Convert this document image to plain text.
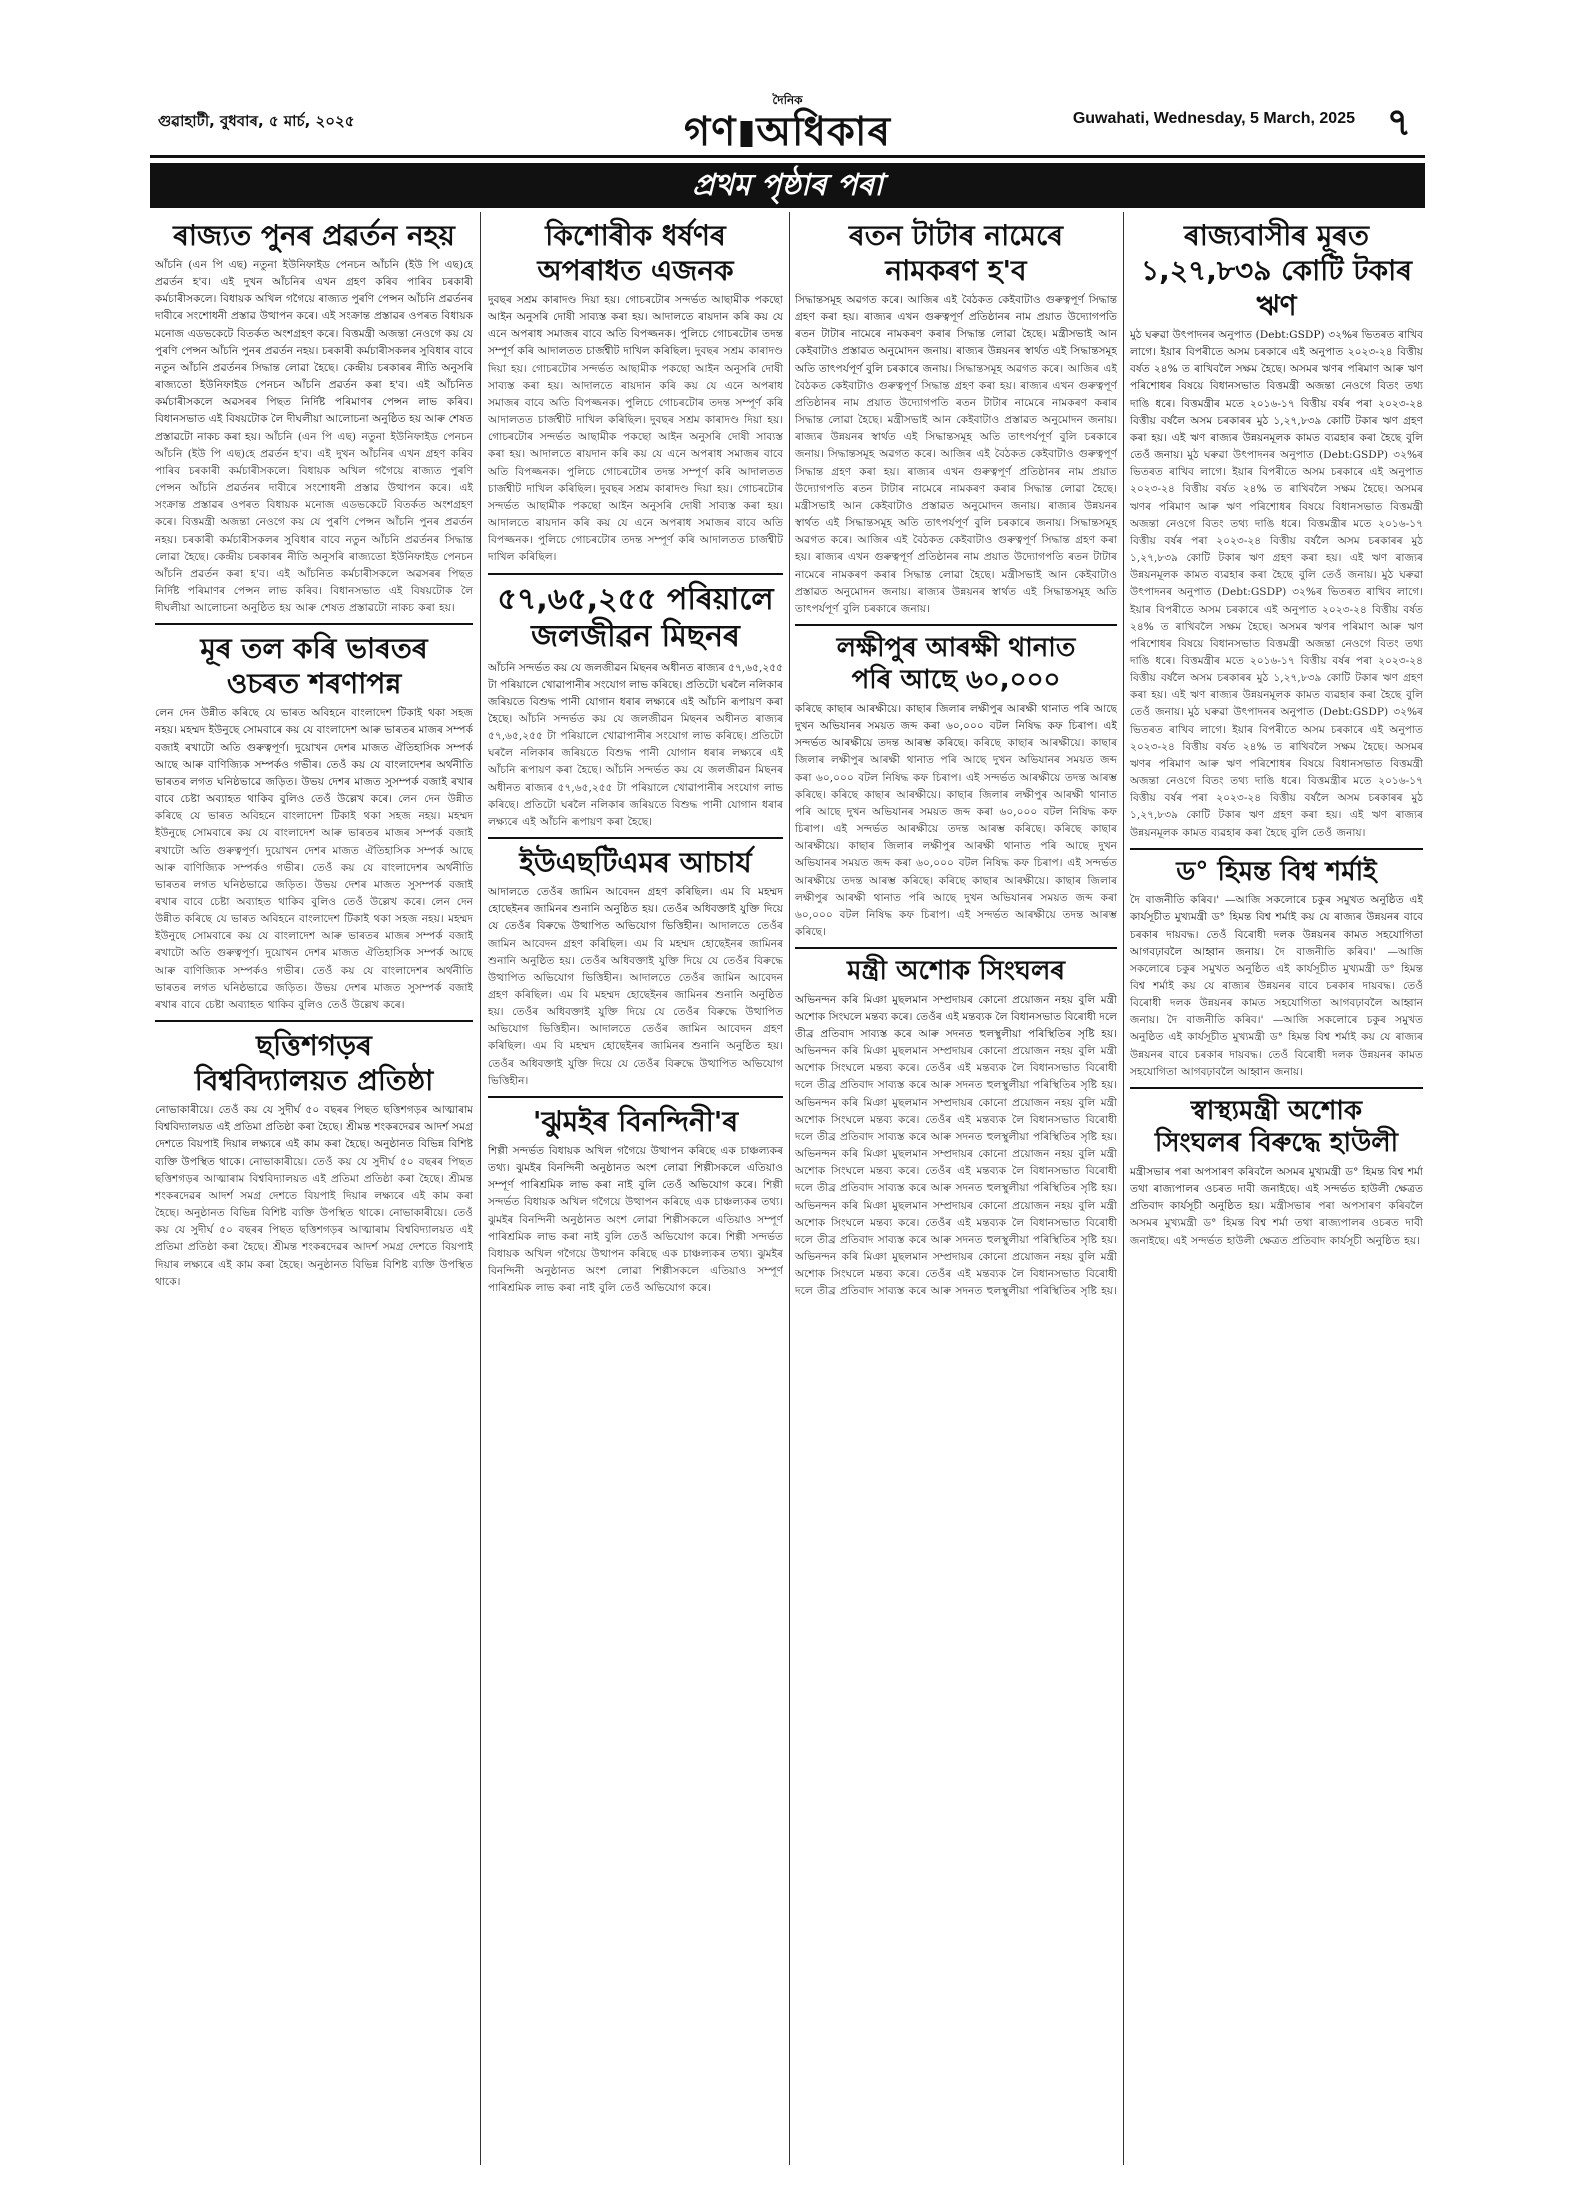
গুৱাহাটী, বুধবাৰ, ৫ মাৰ্চ, ২০২৫
দৈনিক
গণ অধিকাৰ	Guwahati, Wednesday, 5 March, 2025 ৭
প্ৰথম পৃষ্ঠাৰ পৰা
ৰাজ্যত পুনৰ প্ৰৱৰ্তন নহয়
আঁচনি (এন পি এছ) নতুনা ইউনিফাইড পেনচন আঁচনি (ইউ পি এছ)হে প্ৰৱৰ্তন হ'ব। এই দুখন আঁচনিৰ এখন গ্ৰহণ কৰিব পাৰিব চৰকাৰী কৰ্মচাৰীসকলে। বিধায়ক অখিল গগৈয়ে ৰাজ্যত পুৰণি পেন্সন আঁচনি প্ৰৱৰ্তনৰ দাবীৰে সংশোধনী প্ৰস্তাৱ উত্থাপন কৰে। এই সংক্ৰান্ত প্ৰস্তাৱৰ ওপৰত বিধায়ক মনোজ এডভকেটে বিতৰ্কত অংশগ্ৰহণ কৰে। বিত্তমন্ত্ৰী অজন্তা নেওগে কয় যে পুৰণি পেন্সন আঁচনি পুনৰ প্ৰৱৰ্তন নহয়। চৰকাৰী কৰ্মচাৰীসকলৰ সুবিধাৰ বাবে নতুন আঁচনি প্ৰৱৰ্তনৰ সিদ্ধান্ত লোৱা হৈছে। কেন্দ্ৰীয় চৰকাৰৰ নীতি অনুসৰি ৰাজ্যতো ইউনিফাইড পেনচন আঁচনি প্ৰৱৰ্তন কৰা হ'ব। এই আঁচনিত কৰ্মচাৰীসকলে অৱসৰৰ পিছত নিৰ্দিষ্ট পৰিমাণৰ পেন্সন লাভ কৰিব। বিধানসভাত এই বিষয়টোক লৈ দীঘলীয়া আলোচনা অনুষ্ঠিত হয় আৰু শেষত প্ৰস্তাৱটো নাকচ কৰা হয়। আঁচনি (এন পি এছ) নতুনা ইউনিফাইড পেনচন আঁচনি (ইউ পি এছ)হে প্ৰৱৰ্তন হ'ব। এই দুখন আঁচনিৰ এখন গ্ৰহণ কৰিব পাৰিব চৰকাৰী কৰ্মচাৰীসকলে। বিধায়ক অখিল গগৈয়ে ৰাজ্যত পুৰণি পেন্সন আঁচনি প্ৰৱৰ্তনৰ দাবীৰে সংশোধনী প্ৰস্তাৱ উত্থাপন কৰে। এই সংক্ৰান্ত প্ৰস্তাৱৰ ওপৰত বিধায়ক মনোজ এডভকেটে বিতৰ্কত অংশগ্ৰহণ কৰে। বিত্তমন্ত্ৰী অজন্তা নেওগে কয় যে পুৰণি পেন্সন আঁচনি পুনৰ প্ৰৱৰ্তন নহয়। চৰকাৰী কৰ্মচাৰীসকলৰ সুবিধাৰ বাবে নতুন আঁচনি প্ৰৱৰ্তনৰ সিদ্ধান্ত লোৱা হৈছে। কেন্দ্ৰীয় চৰকাৰৰ নীতি অনুসৰি ৰাজ্যতো ইউনিফাইড পেনচন আঁচনি প্ৰৱৰ্তন কৰা হ'ব। এই আঁচনিত কৰ্মচাৰীসকলে অৱসৰৰ পিছত নিৰ্দিষ্ট পৰিমাণৰ পেন্সন লাভ কৰিব। বিধানসভাত এই বিষয়টোক লৈ দীঘলীয়া আলোচনা অনুষ্ঠিত হয় আৰু শেষত প্ৰস্তাৱটো নাকচ কৰা হয়।
মূৰ তল কৰি ভাৰতৰ
ওচৰত শৰণাপন্ন
লেন দেন উন্নীত কৰিছে যে ভাৰত অবিহনে বাংলাদেশ টিকাই থকা সহজ নহয়। মহম্মদ ইউনুছে সোমবাৰে কয় যে বাংলাদেশ আৰু ভাৰতৰ মাজৰ সম্পৰ্ক বজাই ৰখাটো অতি গুৰুত্বপূৰ্ণ। দুয়োখন দেশৰ মাজত ঐতিহাসিক সম্পৰ্ক আছে আৰু বাণিজ্যিক সম্পৰ্কও গভীৰ। তেওঁ কয় যে বাংলাদেশৰ অৰ্থনীতি ভাৰতৰ লগত ঘনিষ্ঠভাৱে জড়িত। উভয় দেশৰ মাজত সুসম্পৰ্ক বজাই ৰখাৰ বাবে চেষ্টা অব্যাহত থাকিব বুলিও তেওঁ উল্লেখ কৰে। লেন দেন উন্নীত কৰিছে যে ভাৰত অবিহনে বাংলাদেশ টিকাই থকা সহজ নহয়। মহম্মদ ইউনুছে সোমবাৰে কয় যে বাংলাদেশ আৰু ভাৰতৰ মাজৰ সম্পৰ্ক বজাই ৰখাটো অতি গুৰুত্বপূৰ্ণ। দুয়োখন দেশৰ মাজত ঐতিহাসিক সম্পৰ্ক আছে আৰু বাণিজ্যিক সম্পৰ্কও গভীৰ। তেওঁ কয় যে বাংলাদেশৰ অৰ্থনীতি ভাৰতৰ লগত ঘনিষ্ঠভাৱে জড়িত। উভয় দেশৰ মাজত সুসম্পৰ্ক বজাই ৰখাৰ বাবে চেষ্টা অব্যাহত থাকিব বুলিও তেওঁ উল্লেখ কৰে। লেন দেন উন্নীত কৰিছে যে ভাৰত অবিহনে বাংলাদেশ টিকাই থকা সহজ নহয়। মহম্মদ ইউনুছে সোমবাৰে কয় যে বাংলাদেশ আৰু ভাৰতৰ মাজৰ সম্পৰ্ক বজাই ৰখাটো অতি গুৰুত্বপূৰ্ণ। দুয়োখন দেশৰ মাজত ঐতিহাসিক সম্পৰ্ক আছে আৰু বাণিজ্যিক সম্পৰ্কও গভীৰ। তেওঁ কয় যে বাংলাদেশৰ অৰ্থনীতি ভাৰতৰ লগত ঘনিষ্ঠভাৱে জড়িত। উভয় দেশৰ মাজত সুসম্পৰ্ক বজাই ৰখাৰ বাবে চেষ্টা অব্যাহত থাকিব বুলিও তেওঁ উল্লেখ কৰে।
ছত্তিশগড়ৰ
বিশ্ববিদ্যালয়ত প্ৰতিষ্ঠা
নোভাকাৰীয়ে। তেওঁ কয় যে সুদীৰ্ঘ ৫০ বছৰৰ পিছত ছত্তিশগড়ৰ আত্মাৰাম বিশ্ববিদ্যালয়ত এই প্ৰতিমা প্ৰতিষ্ঠা কৰা হৈছে। শ্ৰীমন্ত শংকৰদেৱৰ আদৰ্শ সমগ্ৰ দেশতে বিয়পাই দিয়াৰ লক্ষ্যৰে এই কাম কৰা হৈছে। অনুষ্ঠানত বিভিন্ন বিশিষ্ট ব্যক্তি উপস্থিত থাকে। নোভাকাৰীয়ে। তেওঁ কয় যে সুদীৰ্ঘ ৫০ বছৰৰ পিছত ছত্তিশগড়ৰ আত্মাৰাম বিশ্ববিদ্যালয়ত এই প্ৰতিমা প্ৰতিষ্ঠা কৰা হৈছে। শ্ৰীমন্ত শংকৰদেৱৰ আদৰ্শ সমগ্ৰ দেশতে বিয়পাই দিয়াৰ লক্ষ্যৰে এই কাম কৰা হৈছে। অনুষ্ঠানত বিভিন্ন বিশিষ্ট ব্যক্তি উপস্থিত থাকে। নোভাকাৰীয়ে। তেওঁ কয় যে সুদীৰ্ঘ ৫০ বছৰৰ পিছত ছত্তিশগড়ৰ আত্মাৰাম বিশ্ববিদ্যালয়ত এই প্ৰতিমা প্ৰতিষ্ঠা কৰা হৈছে। শ্ৰীমন্ত শংকৰদেৱৰ আদৰ্শ সমগ্ৰ দেশতে বিয়পাই দিয়াৰ লক্ষ্যৰে এই কাম কৰা হৈছে। অনুষ্ঠানত বিভিন্ন বিশিষ্ট ব্যক্তি উপস্থিত থাকে।
কিশোৰীক ধৰ্ষণৰ
অপৰাধত এজনক
দুবছৰ সশ্ৰম কাৰাদণ্ড দিয়া হয়। গোচৰটোৰ সন্দৰ্ভত আছামীক পকছো আইন অনুসৰি দোষী সাব্যস্ত কৰা হয়। আদালতে ৰায়দান কৰি কয় যে এনে অপৰাধ সমাজৰ বাবে অতি বিপজ্জনক। পুলিচে গোচৰটোৰ তদন্ত সম্পূৰ্ণ কৰি আদালতত চাৰ্জশ্বীট দাখিল কৰিছিল। দুবছৰ সশ্ৰম কাৰাদণ্ড দিয়া হয়। গোচৰটোৰ সন্দৰ্ভত আছামীক পকছো আইন অনুসৰি দোষী সাব্যস্ত কৰা হয়। আদালতে ৰায়দান কৰি কয় যে এনে অপৰাধ সমাজৰ বাবে অতি বিপজ্জনক। পুলিচে গোচৰটোৰ তদন্ত সম্পূৰ্ণ কৰি আদালতত চাৰ্জশ্বীট দাখিল কৰিছিল। দুবছৰ সশ্ৰম কাৰাদণ্ড দিয়া হয়। গোচৰটোৰ সন্দৰ্ভত আছামীক পকছো আইন অনুসৰি দোষী সাব্যস্ত কৰা হয়। আদালতে ৰায়দান কৰি কয় যে এনে অপৰাধ সমাজৰ বাবে অতি বিপজ্জনক। পুলিচে গোচৰটোৰ তদন্ত সম্পূৰ্ণ কৰি আদালতত চাৰ্জশ্বীট দাখিল কৰিছিল। দুবছৰ সশ্ৰম কাৰাদণ্ড দিয়া হয়। গোচৰটোৰ সন্দৰ্ভত আছামীক পকছো আইন অনুসৰি দোষী সাব্যস্ত কৰা হয়। আদালতে ৰায়দান কৰি কয় যে এনে অপৰাধ সমাজৰ বাবে অতি বিপজ্জনক। পুলিচে গোচৰটোৰ তদন্ত সম্পূৰ্ণ কৰি আদালতত চাৰ্জশ্বীট দাখিল কৰিছিল।
৫৭,৬৫,২৫৫ পৰিয়ালে
জলজীৱন মিছনৰ
আঁচনি সন্দৰ্ভত কয় যে জলজীৱন মিছনৰ অধীনত ৰাজ্যৰ ৫৭,৬৫,২৫৫ টা পৰিয়ালে খোৱাপানীৰ সংযোগ লাভ কৰিছে। প্ৰতিটো ঘৰলৈ নলিকাৰ জৰিয়তে বিশুদ্ধ পানী যোগান ধৰাৰ লক্ষ্যৰে এই আঁচনি ৰূপায়ণ কৰা হৈছে। আঁচনি সন্দৰ্ভত কয় যে জলজীৱন মিছনৰ অধীনত ৰাজ্যৰ ৫৭,৬৫,২৫৫ টা পৰিয়ালে খোৱাপানীৰ সংযোগ লাভ কৰিছে। প্ৰতিটো ঘৰলৈ নলিকাৰ জৰিয়তে বিশুদ্ধ পানী যোগান ধৰাৰ লক্ষ্যৰে এই আঁচনি ৰূপায়ণ কৰা হৈছে। আঁচনি সন্দৰ্ভত কয় যে জলজীৱন মিছনৰ অধীনত ৰাজ্যৰ ৫৭,৬৫,২৫৫ টা পৰিয়ালে খোৱাপানীৰ সংযোগ লাভ কৰিছে। প্ৰতিটো ঘৰলৈ নলিকাৰ জৰিয়তে বিশুদ্ধ পানী যোগান ধৰাৰ লক্ষ্যৰে এই আঁচনি ৰূপায়ণ কৰা হৈছে।
ইউএছটিএমৰ আচাৰ্য
আদালতে তেওঁৰ জামিন আবেদন গ্ৰহণ কৰিছিল। এম বি মহম্মদ হোছেইনৰ জামিনৰ শুনানি অনুষ্ঠিত হয়। তেওঁৰ অধিবক্তাই যুক্তি দিয়ে যে তেওঁৰ বিৰুদ্ধে উত্থাপিত অভিযোগ ভিত্তিহীন। আদালতে তেওঁৰ জামিন আবেদন গ্ৰহণ কৰিছিল। এম বি মহম্মদ হোছেইনৰ জামিনৰ শুনানি অনুষ্ঠিত হয়। তেওঁৰ অধিবক্তাই যুক্তি দিয়ে যে তেওঁৰ বিৰুদ্ধে উত্থাপিত অভিযোগ ভিত্তিহীন। আদালতে তেওঁৰ জামিন আবেদন গ্ৰহণ কৰিছিল। এম বি মহম্মদ হোছেইনৰ জামিনৰ শুনানি অনুষ্ঠিত হয়। তেওঁৰ অধিবক্তাই যুক্তি দিয়ে যে তেওঁৰ বিৰুদ্ধে উত্থাপিত অভিযোগ ভিত্তিহীন। আদালতে তেওঁৰ জামিন আবেদন গ্ৰহণ কৰিছিল। এম বি মহম্মদ হোছেইনৰ জামিনৰ শুনানি অনুষ্ঠিত হয়। তেওঁৰ অধিবক্তাই যুক্তি দিয়ে যে তেওঁৰ বিৰুদ্ধে উত্থাপিত অভিযোগ ভিত্তিহীন।
'ঝুমইৰ বিনন্দিনী'ৰ
শিল্পী সন্দৰ্ভত বিধায়ক অখিল গগৈয়ে উত্থাপন কৰিছে এক চাঞ্চল্যকৰ তথ্য। ঝুমইৰ বিনন্দিনী অনুষ্ঠানত অংশ লোৱা শিল্পীসকলে এতিয়াও সম্পূৰ্ণ পাৰিশ্ৰমিক লাভ কৰা নাই বুলি তেওঁ অভিযোগ কৰে। শিল্পী সন্দৰ্ভত বিধায়ক অখিল গগৈয়ে উত্থাপন কৰিছে এক চাঞ্চল্যকৰ তথ্য। ঝুমইৰ বিনন্দিনী অনুষ্ঠানত অংশ লোৱা শিল্পীসকলে এতিয়াও সম্পূৰ্ণ পাৰিশ্ৰমিক লাভ কৰা নাই বুলি তেওঁ অভিযোগ কৰে। শিল্পী সন্দৰ্ভত বিধায়ক অখিল গগৈয়ে উত্থাপন কৰিছে এক চাঞ্চল্যকৰ তথ্য। ঝুমইৰ বিনন্দিনী অনুষ্ঠানত অংশ লোৱা শিল্পীসকলে এতিয়াও সম্পূৰ্ণ পাৰিশ্ৰমিক লাভ কৰা নাই বুলি তেওঁ অভিযোগ কৰে।
ৰতন টাটাৰ নামেৰে
নামকৰণ হ'ব
সিদ্ধান্তসমূহ অৱগত কৰে। আজিৰ এই বৈঠকত কেইবাটাও গুৰুত্বপূৰ্ণ সিদ্ধান্ত গ্ৰহণ কৰা হয়। ৰাজ্যৰ এখন গুৰুত্বপূৰ্ণ প্ৰতিষ্ঠানৰ নাম প্ৰয়াত উদ্যোগপতি ৰতন টাটাৰ নামেৰে নামকৰণ কৰাৰ সিদ্ধান্ত লোৱা হৈছে। মন্ত্ৰীসভাই আন কেইবাটাও প্ৰস্তাৱত অনুমোদন জনায়। ৰাজ্যৰ উন্নয়নৰ স্বাৰ্থত এই সিদ্ধান্তসমূহ অতি তাৎপৰ্যপূৰ্ণ বুলি চৰকাৰে জনায়। সিদ্ধান্তসমূহ অৱগত কৰে। আজিৰ এই বৈঠকত কেইবাটাও গুৰুত্বপূৰ্ণ সিদ্ধান্ত গ্ৰহণ কৰা হয়। ৰাজ্যৰ এখন গুৰুত্বপূৰ্ণ প্ৰতিষ্ঠানৰ নাম প্ৰয়াত উদ্যোগপতি ৰতন টাটাৰ নামেৰে নামকৰণ কৰাৰ সিদ্ধান্ত লোৱা হৈছে। মন্ত্ৰীসভাই আন কেইবাটাও প্ৰস্তাৱত অনুমোদন জনায়। ৰাজ্যৰ উন্নয়নৰ স্বাৰ্থত এই সিদ্ধান্তসমূহ অতি তাৎপৰ্যপূৰ্ণ বুলি চৰকাৰে জনায়। সিদ্ধান্তসমূহ অৱগত কৰে। আজিৰ এই বৈঠকত কেইবাটাও গুৰুত্বপূৰ্ণ সিদ্ধান্ত গ্ৰহণ কৰা হয়। ৰাজ্যৰ এখন গুৰুত্বপূৰ্ণ প্ৰতিষ্ঠানৰ নাম প্ৰয়াত উদ্যোগপতি ৰতন টাটাৰ নামেৰে নামকৰণ কৰাৰ সিদ্ধান্ত লোৱা হৈছে। মন্ত্ৰীসভাই আন কেইবাটাও প্ৰস্তাৱত অনুমোদন জনায়। ৰাজ্যৰ উন্নয়নৰ স্বাৰ্থত এই সিদ্ধান্তসমূহ অতি তাৎপৰ্যপূৰ্ণ বুলি চৰকাৰে জনায়। সিদ্ধান্তসমূহ অৱগত কৰে। আজিৰ এই বৈঠকত কেইবাটাও গুৰুত্বপূৰ্ণ সিদ্ধান্ত গ্ৰহণ কৰা হয়। ৰাজ্যৰ এখন গুৰুত্বপূৰ্ণ প্ৰতিষ্ঠানৰ নাম প্ৰয়াত উদ্যোগপতি ৰতন টাটাৰ নামেৰে নামকৰণ কৰাৰ সিদ্ধান্ত লোৱা হৈছে। মন্ত্ৰীসভাই আন কেইবাটাও প্ৰস্তাৱত অনুমোদন জনায়। ৰাজ্যৰ উন্নয়নৰ স্বাৰ্থত এই সিদ্ধান্তসমূহ অতি তাৎপৰ্যপূৰ্ণ বুলি চৰকাৰে জনায়।
লক্ষীপুৰ আৰক্ষী থানাত
পৰি আছে ৬০,০০০
কৰিছে কাছাৰ আৰক্ষীয়ে। কাছাৰ জিলাৰ লক্ষীপুৰ আৰক্ষী থানাত পৰি আছে দুখন অভিযানৰ সময়ত জব্দ কৰা ৬০,০০০ বটল নিষিদ্ধ কফ চিৰাপ। এই সন্দৰ্ভত আৰক্ষীয়ে তদন্ত আৰম্ভ কৰিছে। কৰিছে কাছাৰ আৰক্ষীয়ে। কাছাৰ জিলাৰ লক্ষীপুৰ আৰক্ষী থানাত পৰি আছে দুখন অভিযানৰ সময়ত জব্দ কৰা ৬০,০০০ বটল নিষিদ্ধ কফ চিৰাপ। এই সন্দৰ্ভত আৰক্ষীয়ে তদন্ত আৰম্ভ কৰিছে। কৰিছে কাছাৰ আৰক্ষীয়ে। কাছাৰ জিলাৰ লক্ষীপুৰ আৰক্ষী থানাত পৰি আছে দুখন অভিযানৰ সময়ত জব্দ কৰা ৬০,০০০ বটল নিষিদ্ধ কফ চিৰাপ। এই সন্দৰ্ভত আৰক্ষীয়ে তদন্ত আৰম্ভ কৰিছে। কৰিছে কাছাৰ আৰক্ষীয়ে। কাছাৰ জিলাৰ লক্ষীপুৰ আৰক্ষী থানাত পৰি আছে দুখন অভিযানৰ সময়ত জব্দ কৰা ৬০,০০০ বটল নিষিদ্ধ কফ চিৰাপ। এই সন্দৰ্ভত আৰক্ষীয়ে তদন্ত আৰম্ভ কৰিছে। কৰিছে কাছাৰ আৰক্ষীয়ে। কাছাৰ জিলাৰ লক্ষীপুৰ আৰক্ষী থানাত পৰি আছে দুখন অভিযানৰ সময়ত জব্দ কৰা ৬০,০০০ বটল নিষিদ্ধ কফ চিৰাপ। এই সন্দৰ্ভত আৰক্ষীয়ে তদন্ত আৰম্ভ কৰিছে।
মন্ত্ৰী অশোক সিংঘলৰ
অভিনন্দন কৰি মিঞা মুছলমান সম্প্ৰদায়ৰ কোনো প্ৰয়োজন নহয় বুলি মন্ত্ৰী অশোক সিংঘলে মন্তব্য কৰে। তেওঁৰ এই মন্তব্যক লৈ বিধানসভাত বিৰোধী দলে তীব্ৰ প্ৰতিবাদ সাব্যস্ত কৰে আৰু সদনত হুলস্থুলীয়া পৰিস্থিতিৰ সৃষ্টি হয়। অভিনন্দন কৰি মিঞা মুছলমান সম্প্ৰদায়ৰ কোনো প্ৰয়োজন নহয় বুলি মন্ত্ৰী অশোক সিংঘলে মন্তব্য কৰে। তেওঁৰ এই মন্তব্যক লৈ বিধানসভাত বিৰোধী দলে তীব্ৰ প্ৰতিবাদ সাব্যস্ত কৰে আৰু সদনত হুলস্থুলীয়া পৰিস্থিতিৰ সৃষ্টি হয়। অভিনন্দন কৰি মিঞা মুছলমান সম্প্ৰদায়ৰ কোনো প্ৰয়োজন নহয় বুলি মন্ত্ৰী অশোক সিংঘলে মন্তব্য কৰে। তেওঁৰ এই মন্তব্যক লৈ বিধানসভাত বিৰোধী দলে তীব্ৰ প্ৰতিবাদ সাব্যস্ত কৰে আৰু সদনত হুলস্থুলীয়া পৰিস্থিতিৰ সৃষ্টি হয়। অভিনন্দন কৰি মিঞা মুছলমান সম্প্ৰদায়ৰ কোনো প্ৰয়োজন নহয় বুলি মন্ত্ৰী অশোক সিংঘলে মন্তব্য কৰে। তেওঁৰ এই মন্তব্যক লৈ বিধানসভাত বিৰোধী দলে তীব্ৰ প্ৰতিবাদ সাব্যস্ত কৰে আৰু সদনত হুলস্থুলীয়া পৰিস্থিতিৰ সৃষ্টি হয়। অভিনন্দন কৰি মিঞা মুছলমান সম্প্ৰদায়ৰ কোনো প্ৰয়োজন নহয় বুলি মন্ত্ৰী অশোক সিংঘলে মন্তব্য কৰে। তেওঁৰ এই মন্তব্যক লৈ বিধানসভাত বিৰোধী দলে তীব্ৰ প্ৰতিবাদ সাব্যস্ত কৰে আৰু সদনত হুলস্থুলীয়া পৰিস্থিতিৰ সৃষ্টি হয়। অভিনন্দন কৰি মিঞা মুছলমান সম্প্ৰদায়ৰ কোনো প্ৰয়োজন নহয় বুলি মন্ত্ৰী অশোক সিংঘলে মন্তব্য কৰে। তেওঁৰ এই মন্তব্যক লৈ বিধানসভাত বিৰোধী দলে তীব্ৰ প্ৰতিবাদ সাব্যস্ত কৰে আৰু সদনত হুলস্থুলীয়া পৰিস্থিতিৰ সৃষ্টি হয়।
ৰাজ্যবাসীৰ মূৰত
১,২৭,৮৩৯ কোটি টকাৰ ঋণ
মুঠ ঘৰুৱা উৎপাদনৰ অনুপাত (Debt:GSDP) ৩২%ৰ ভিতৰত ৰাখিব লাগে। ইয়াৰ বিপৰীতে অসম চৰকাৰে এই অনুপাত ২০২৩-২৪ বিত্তীয় বৰ্ষত ২৪% ত ৰাখিবলৈ সক্ষম হৈছে। অসমৰ ঋণৰ পৰিমাণ আৰু ঋণ পৰিশোধৰ বিষয়ে বিধানসভাত বিত্তমন্ত্ৰী অজন্তা নেওগে বিতং তথ্য দাঙি ধৰে। বিত্তমন্ত্ৰীৰ মতে ২০১৬-১৭ বিত্তীয় বৰ্ষৰ পৰা ২০২৩-২৪ বিত্তীয় বৰ্ষলৈ অসম চৰকাৰৰ মুঠ ১,২৭,৮৩৯ কোটি টকাৰ ঋণ গ্ৰহণ কৰা হয়। এই ঋণ ৰাজ্যৰ উন্নয়নমূলক কামত ব্যৱহাৰ কৰা হৈছে বুলি তেওঁ জনায়। মুঠ ঘৰুৱা উৎপাদনৰ অনুপাত (Debt:GSDP) ৩২%ৰ ভিতৰত ৰাখিব লাগে। ইয়াৰ বিপৰীতে অসম চৰকাৰে এই অনুপাত ২০২৩-২৪ বিত্তীয় বৰ্ষত ২৪% ত ৰাখিবলৈ সক্ষম হৈছে। অসমৰ ঋণৰ পৰিমাণ আৰু ঋণ পৰিশোধৰ বিষয়ে বিধানসভাত বিত্তমন্ত্ৰী অজন্তা নেওগে বিতং তথ্য দাঙি ধৰে। বিত্তমন্ত্ৰীৰ মতে ২০১৬-১৭ বিত্তীয় বৰ্ষৰ পৰা ২০২৩-২৪ বিত্তীয় বৰ্ষলৈ অসম চৰকাৰৰ মুঠ ১,২৭,৮৩৯ কোটি টকাৰ ঋণ গ্ৰহণ কৰা হয়। এই ঋণ ৰাজ্যৰ উন্নয়নমূলক কামত ব্যৱহাৰ কৰা হৈছে বুলি তেওঁ জনায়। মুঠ ঘৰুৱা উৎপাদনৰ অনুপাত (Debt:GSDP) ৩২%ৰ ভিতৰত ৰাখিব লাগে। ইয়াৰ বিপৰীতে অসম চৰকাৰে এই অনুপাত ২০২৩-২৪ বিত্তীয় বৰ্ষত ২৪% ত ৰাখিবলৈ সক্ষম হৈছে। অসমৰ ঋণৰ পৰিমাণ আৰু ঋণ পৰিশোধৰ বিষয়ে বিধানসভাত বিত্তমন্ত্ৰী অজন্তা নেওগে বিতং তথ্য দাঙি ধৰে। বিত্তমন্ত্ৰীৰ মতে ২০১৬-১৭ বিত্তীয় বৰ্ষৰ পৰা ২০২৩-২৪ বিত্তীয় বৰ্ষলৈ অসম চৰকাৰৰ মুঠ ১,২৭,৮৩৯ কোটি টকাৰ ঋণ গ্ৰহণ কৰা হয়। এই ঋণ ৰাজ্যৰ উন্নয়নমূলক কামত ব্যৱহাৰ কৰা হৈছে বুলি তেওঁ জনায়। মুঠ ঘৰুৱা উৎপাদনৰ অনুপাত (Debt:GSDP) ৩২%ৰ ভিতৰত ৰাখিব লাগে। ইয়াৰ বিপৰীতে অসম চৰকাৰে এই অনুপাত ২০২৩-২৪ বিত্তীয় বৰ্ষত ২৪% ত ৰাখিবলৈ সক্ষম হৈছে। অসমৰ ঋণৰ পৰিমাণ আৰু ঋণ পৰিশোধৰ বিষয়ে বিধানসভাত বিত্তমন্ত্ৰী অজন্তা নেওগে বিতং তথ্য দাঙি ধৰে। বিত্তমন্ত্ৰীৰ মতে ২০১৬-১৭ বিত্তীয় বৰ্ষৰ পৰা ২০২৩-২৪ বিত্তীয় বৰ্ষলৈ অসম চৰকাৰৰ মুঠ ১,২৭,৮৩৯ কোটি টকাৰ ঋণ গ্ৰহণ কৰা হয়। এই ঋণ ৰাজ্যৰ উন্নয়নমূলক কামত ব্যৱহাৰ কৰা হৈছে বুলি তেওঁ জনায়।
ড° হিমন্ত বিশ্ব শৰ্মাই
দৈ বাজনীতি কৰিব।' —আজি সকলোৰে চকুৰ সমুখত অনুষ্ঠিত এই কাৰ্যসূচীত মুখ্যমন্ত্ৰী ড° হিমন্ত বিশ্ব শৰ্মাই কয় যে ৰাজ্যৰ উন্নয়নৰ বাবে চৰকাৰ দায়বদ্ধ। তেওঁ বিৰোধী দলক উন্নয়নৰ কামত সহযোগিতা আগবঢ়াবলৈ আহ্বান জনায়। দৈ বাজনীতি কৰিব।' —আজি সকলোৰে চকুৰ সমুখত অনুষ্ঠিত এই কাৰ্যসূচীত মুখ্যমন্ত্ৰী ড° হিমন্ত বিশ্ব শৰ্মাই কয় যে ৰাজ্যৰ উন্নয়নৰ বাবে চৰকাৰ দায়বদ্ধ। তেওঁ বিৰোধী দলক উন্নয়নৰ কামত সহযোগিতা আগবঢ়াবলৈ আহ্বান জনায়। দৈ বাজনীতি কৰিব।' —আজি সকলোৰে চকুৰ সমুখত অনুষ্ঠিত এই কাৰ্যসূচীত মুখ্যমন্ত্ৰী ড° হিমন্ত বিশ্ব শৰ্মাই কয় যে ৰাজ্যৰ উন্নয়নৰ বাবে চৰকাৰ দায়বদ্ধ। তেওঁ বিৰোধী দলক উন্নয়নৰ কামত সহযোগিতা আগবঢ়াবলৈ আহ্বান জনায়।
স্বাস্থ্যমন্ত্ৰী অশোক
সিংঘলৰ বিৰুদ্ধে হাউলী
মন্ত্ৰীসভাৰ পৰা অপসাৰণ কৰিবলৈ অসমৰ মুখ্যমন্ত্ৰী ড° হিমন্ত বিশ্ব শৰ্মা তথা ৰাজ্যপালৰ ওচৰত দাবী জনাইছে। এই সন্দৰ্ভত হাউলী ক্ষেত্ৰত প্ৰতিবাদ কাৰ্যসূচী অনুষ্ঠিত হয়। মন্ত্ৰীসভাৰ পৰা অপসাৰণ কৰিবলৈ অসমৰ মুখ্যমন্ত্ৰী ড° হিমন্ত বিশ্ব শৰ্মা তথা ৰাজ্যপালৰ ওচৰত দাবী জনাইছে। এই সন্দৰ্ভত হাউলী ক্ষেত্ৰত প্ৰতিবাদ কাৰ্যসূচী অনুষ্ঠিত হয়।
